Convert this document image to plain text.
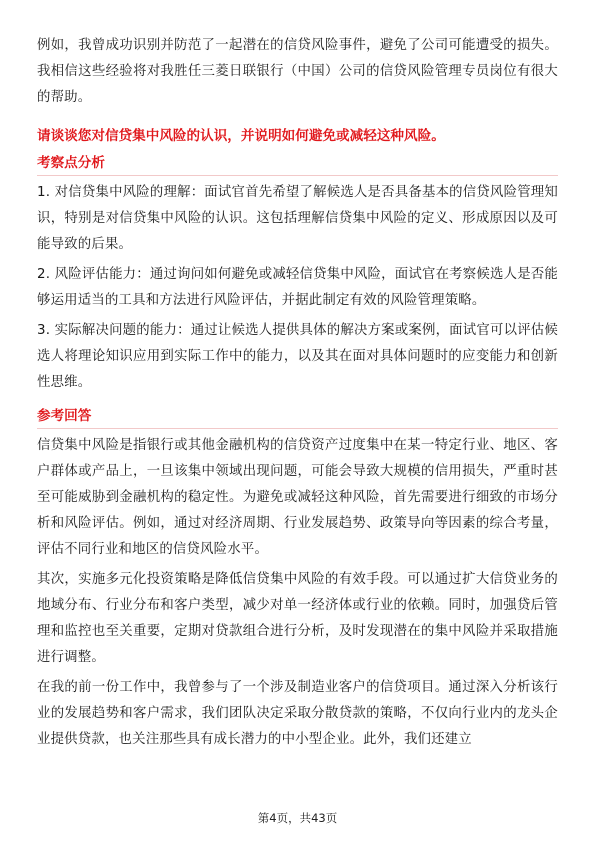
例如，我曾成功识别并防范了一起潜在的信贷风险事件，避免了公司可能遭受的损失。我相信这些经验将对我胜任三菱日联银行（中国）公司的信贷风险管理专员岗位有很大的帮助。

请谈谈您对信贷集中风险的认识，并说明如何避免或减轻这种风险。
考察点分析

1. 对信贷集中风险的理解：面试官首先希望了解候选人是否具备基本的信贷风险管理知识，特别是对信贷集中风险的认识。这包括理解信贷集中风险的定义、形成原因以及可能导致的后果。

2. 风险评估能力：通过询问如何避免或减轻信贷集中风险，面试官在考察候选人是否能够运用适当的工具和方法进行风险评估，并据此制定有效的风险管理策略。

3. 实际解决问题的能力：通过让候选人提供具体的解决方案或案例，面试官可以评估候选人将理论知识应用到实际工作中的能力，以及其在面对具体问题时的应变能力和创新性思维。

参考回答

信贷集中风险是指银行或其他金融机构的信贷资产过度集中在某一特定行业、地区、客户群体或产品上，一旦该集中领域出现问题，可能会导致大规模的信用损失，严重时甚至可能威胁到金融机构的稳定性。为避免或减轻这种风险，首先需要进行细致的市场分析和风险评估。例如，通过对经济周期、行业发展趋势、政策导向等因素的综合考量，评估不同行业和地区的信贷风险水平。

其次，实施多元化投资策略是降低信贷集中风险的有效手段。可以通过扩大信贷业务的地域分布、行业分布和客户类型，减少对单一经济体或行业的依赖。同时，加强贷后管理和监控也至关重要，定期对贷款组合进行分析，及时发现潜在的集中风险并采取措施进行调整。

在我的前一份工作中，我曾参与了一个涉及制造业客户的信贷项目。通过深入分析该行业的发展趋势和客户需求，我们团队决定采取分散贷款的策略，不仅向行业内的龙头企业提供贷款，也关注那些具有成长潜力的中小型企业。此外，我们还建立

第4页，共43页
